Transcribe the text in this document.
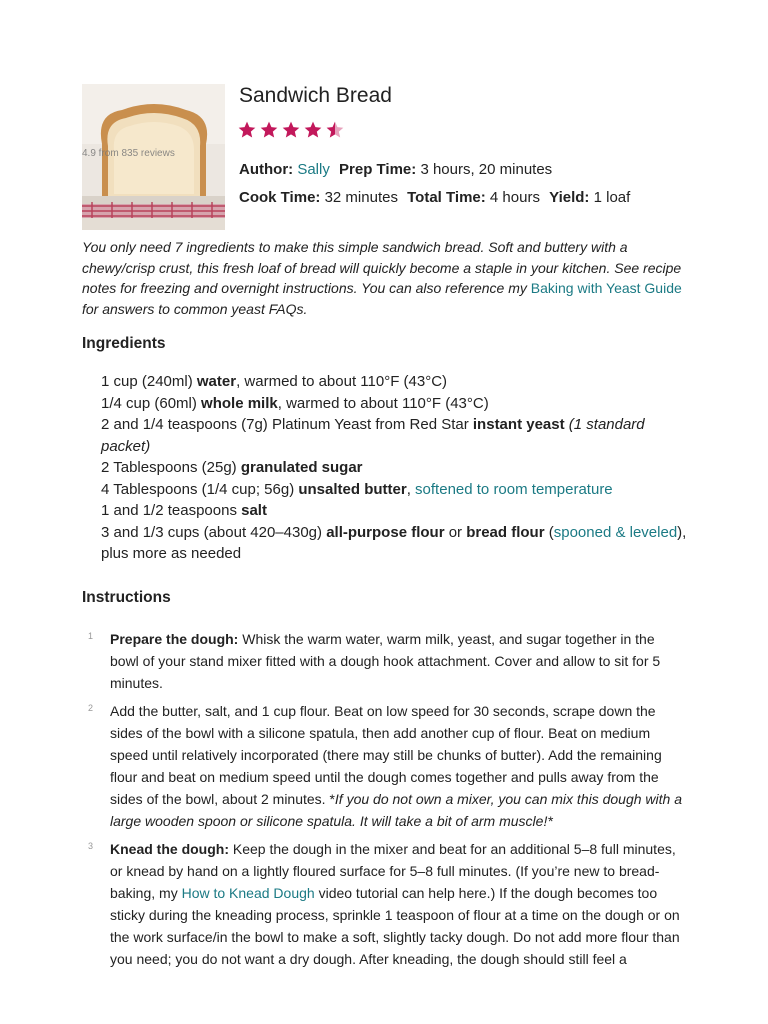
4.9 from 835 reviews
Sandwich Bread
Author: Sally Prep Time: 3 hours, 20 minutes
Cook Time: 32 minutes Total Time: 4 hours Yield: 1 loaf

You only need 7 ingredients to make this simple sandwich bread. Soft and buttery with a chewy/crisp crust, this fresh loaf of bread will quickly become a staple in your kitchen. See recipe notes for freezing and overnight instructions. You can also reference my Baking with Yeast Guide for answers to common yeast FAQs.

Ingredients
1 cup (240ml) water, warmed to about 110°F (43°C)
1/4 cup (60ml) whole milk, warmed to about 110°F (43°C)
2 and 1/4 teaspoons (7g) Platinum Yeast from Red Star instant yeast (1 standard packet)
2 Tablespoons (25g) granulated sugar
4 Tablespoons (1/4 cup; 56g) unsalted butter, softened to room temperature
1 and 1/2 teaspoons salt
3 and 1/3 cups (about 420–430g) all-purpose flour or bread flour (spooned & leveled), plus more as needed
Instructions
1 Prepare the dough: Whisk the warm water, warm milk, yeast, and sugar together in the bowl of your stand mixer fitted with a dough hook attachment. Cover and allow to sit for 5 minutes.
2 Add the butter, salt, and 1 cup flour. Beat on low speed for 30 seconds, scrape down the sides of the bowl with a silicone spatula, then add another cup of flour. Beat on medium speed until relatively incorporated (there may still be chunks of butter). Add the remaining flour and beat on medium speed until the dough comes together and pulls away from the sides of the bowl, about 2 minutes. *If you do not own a mixer, you can mix this dough with a large wooden spoon or silicone spatula. It will take a bit of arm muscle!*
3 Knead the dough: Keep the dough in the mixer and beat for an additional 5–8 full minutes, or knead by hand on a lightly floured surface for 5–8 full minutes. (If you’re new to bread-baking, my How to Knead Dough video tutorial can help here.) If the dough becomes too sticky during the kneading process, sprinkle 1 teaspoon of flour at a time on the dough or on the work surface/in the bowl to make a soft, slightly tacky dough. Do not add more flour than you need; you do not want a dry dough. After kneading, the dough should still feel a
